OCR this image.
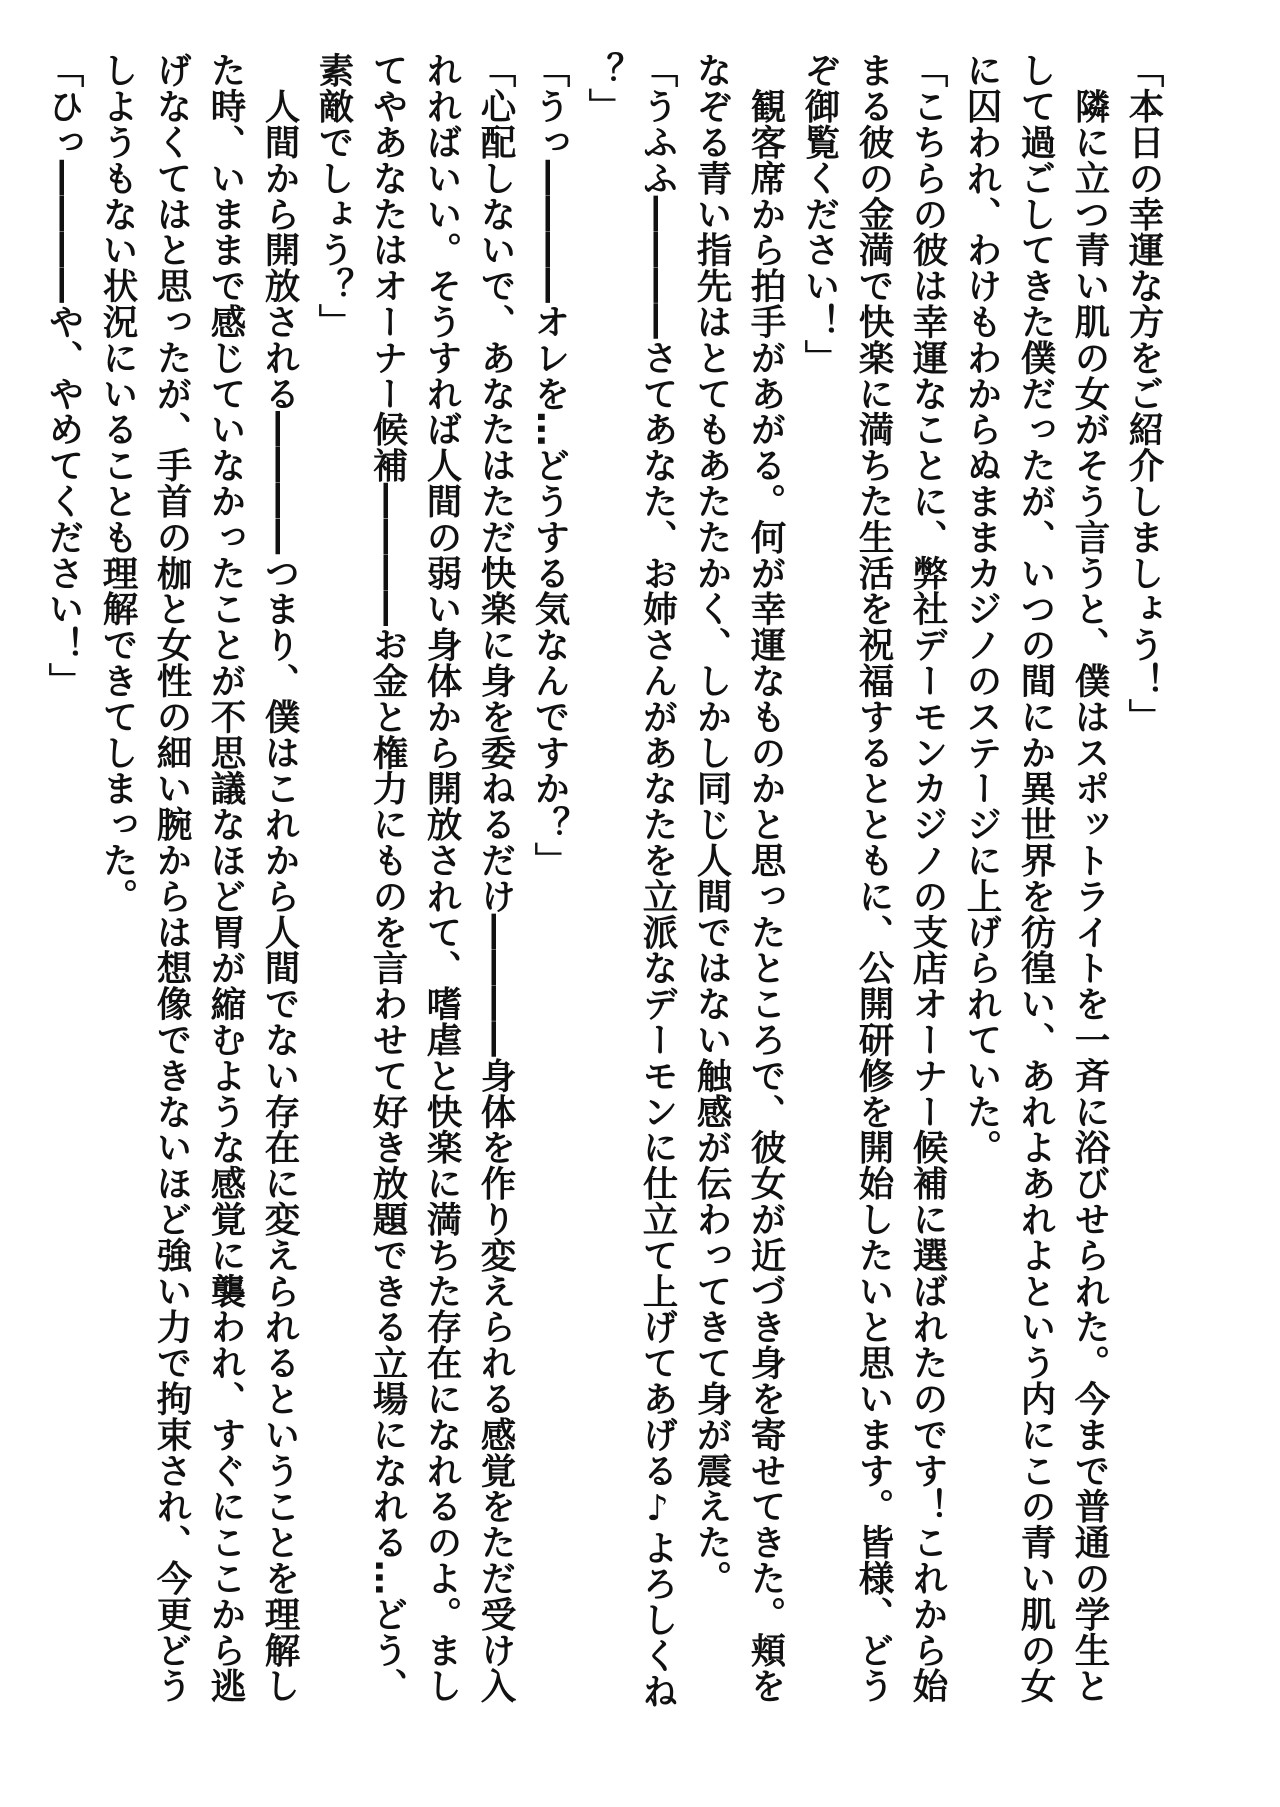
「本日の幸運な方をご紹介しましょう！」

　隣に立つ青い肌の女がそう言うと、僕はスポットライトを一斉に浴びせられた。今まで普通の学生と
して過ごしてきた僕だったが、いつの間にか異世界を彷徨い、あれよあれよという内にこの青い肌の女
に囚われ、わけもわからぬままカジノのステージに上げられていた。

「こちらの彼は幸運なことに、弊社デーモンカジノの支店オーナー候補に選ばれたのです！これから始
まる彼の金満で快楽に満ちた生活を祝福するとともに、公開研修を開始したいと思います。皆様、どう
ぞ御覧ください！」

　観客席から拍手があがる。何が幸運なものかと思ったところで、彼女が近づき身を寄せてきた。頬を
なぞる青い指先はとてもあたたかく、しかし同じ人間ではない触感が伝わってきて身が震えた。

「うふふ――――さてあなた、お姉さんがあなたを立派なデーモンに仕立て上げてあげる♪よろしくね
？」

「うっ――――オレを…どうする気なんですか？」

「心配しないで、あなたはただ快楽に身を委ねるだけ――――身体を作り変えられる感覚をただ受け入
れればいい。そうすれば人間の弱い身体から開放されて、嗜虐と快楽に満ちた存在になれるのよ。まし
てやあなたはオーナー候補――――お金と権力にものを言わせて好き放題できる立場になれる…どう、
素敵でしょう？」

　人間から開放される――――つまり、僕はこれから人間でない存在に変えられるということを理解し
た時、いままで感じていなかったことが不思議なほど胃が縮むような感覚に襲われ、すぐにここから逃
げなくてはと思ったが、手首の枷と女性の細い腕からは想像できないほど強い力で拘束され、今更どう
しようもない状況にいることも理解できてしまった。

「ひっ――――や、やめてください！」
